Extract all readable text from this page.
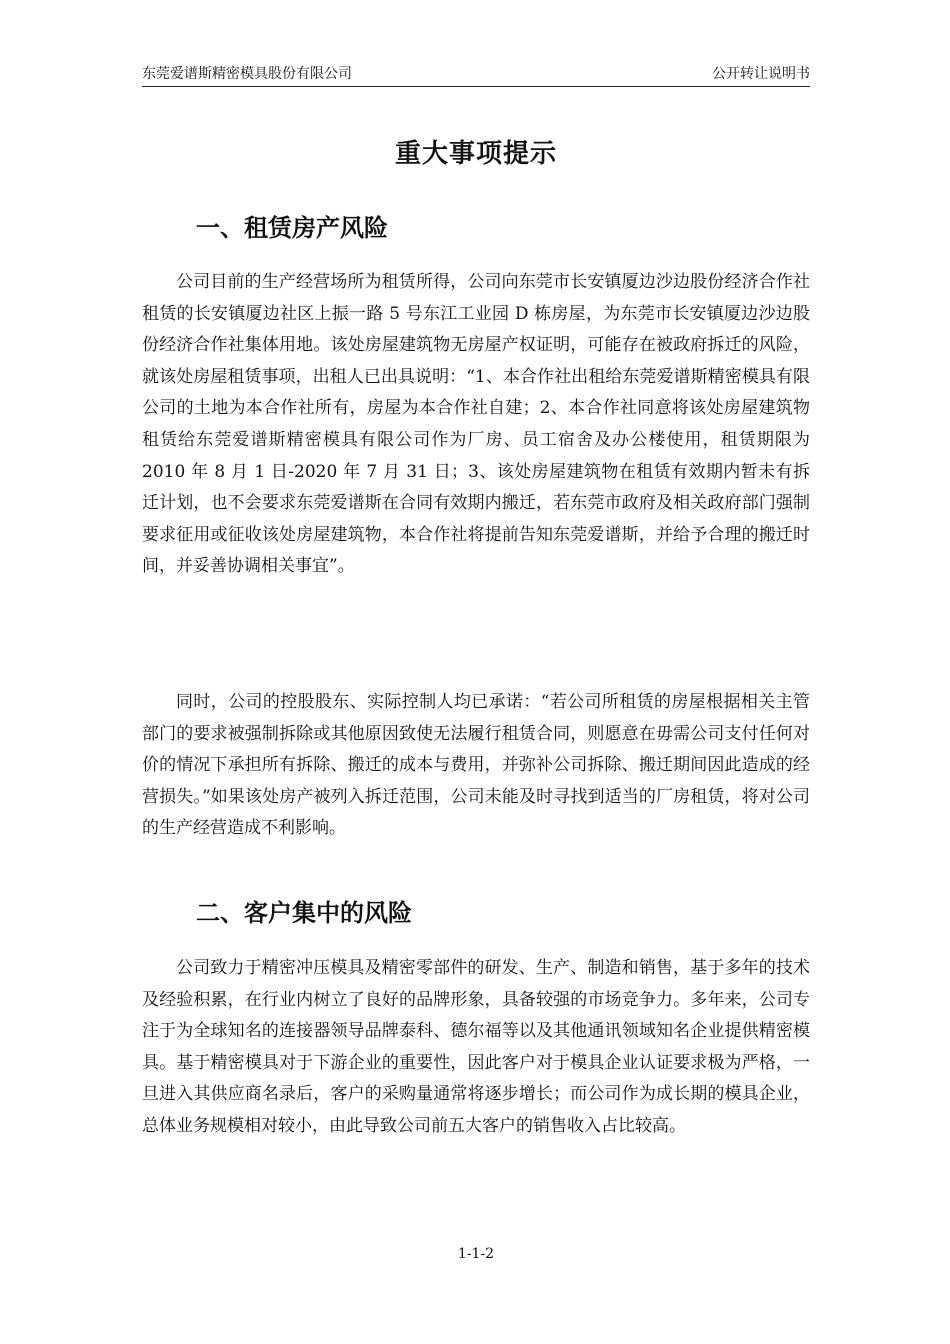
东莞爱谱斯精密模具股份有限公司	公开转让说明书
重大事项提示
一、租赁房产风险

公司目前的生产经营场所为租赁所得，公司向东莞市长安镇厦边沙边股份经济合作社租赁的长安镇厦边社区上振一路 5 号东江工业园 D 栋房屋，为东莞市长安镇厦边沙边股份经济合作社集体用地。该处房屋建筑物无房屋产权证明，可能存在被政府拆迁的风险，就该处房屋租赁事项，出租人已出具说明：“1、本合作社出租给东莞爱谱斯精密模具有限公司的土地为本合作社所有，房屋为本合作社自建；2、本合作社同意将该处房屋建筑物租赁给东莞爱谱斯精密模具有限公司作为厂房、员工宿舍及办公楼使用，租赁期限为 2010 年 8 月 1 日-2020 年 7 月 31 日；3、该处房屋建筑物在租赁有效期内暂未有拆迁计划，也不会要求东莞爱谱斯在合同有效期内搬迁，若东莞市政府及相关政府部门强制要求征用或征收该处房屋建筑物，本合作社将提前告知东莞爱谱斯，并给予合理的搬迁时间，并妥善协调相关事宜”。

同时，公司的控股股东、实际控制人均已承诺：“若公司所租赁的房屋根据相关主管部门的要求被强制拆除或其他原因致使无法履行租赁合同，则愿意在毋需公司支付任何对价的情况下承担所有拆除、搬迁的成本与费用，并弥补公司拆除、搬迁期间因此造成的经营损失。”如果该处房产被列入拆迁范围，公司未能及时寻找到适当的厂房租赁，将对公司的生产经营造成不利影响。

二、客户集中的风险

公司致力于精密冲压模具及精密零部件的研发、生产、制造和销售，基于多年的技术及经验积累，在行业内树立了良好的品牌形象，具备较强的市场竞争力。多年来，公司专注于为全球知名的连接器领导品牌泰科、德尔福等以及其他通讯领域知名企业提供精密模具。基于精密模具对于下游企业的重要性，因此客户对于模具企业认证要求极为严格，一旦进入其供应商名录后，客户的采购量通常将逐步增长；而公司作为成长期的模具企业，总体业务规模相对较小，由此导致公司前五大客户的销售收入占比较高。

1-1-2
